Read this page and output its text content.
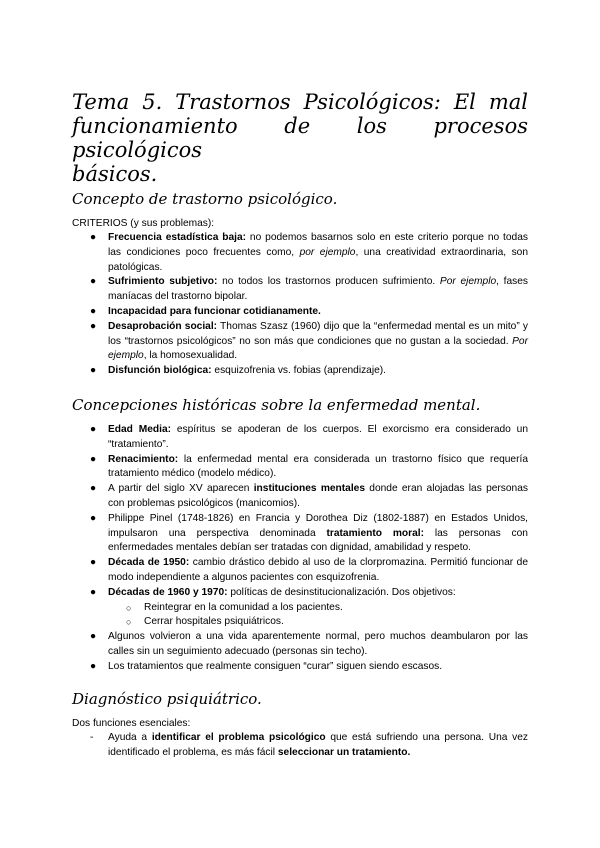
Tema 5. Trastornos Psicológicos: El mal
funcionamiento de los procesos psicológicos
básicos.
Concepto de trastorno psicológico.
CRITERIOS (y sus problemas):
● Frecuencia estadística baja: no podemos basarnos solo en este criterio porque no todas las condiciones poco frecuentes como, por ejemplo, una creatividad extraordinaria, son patológicas.
● Sufrimiento subjetivo: no todos los trastornos producen sufrimiento. Por ejemplo, fases maníacas del trastorno bipolar.
● Incapacidad para funcionar cotidianamente.
● Desaprobación social: Thomas Szasz (1960) dijo que la “enfermedad mental es un mito” y los “trastornos psicológicos” no son más que condiciones que no gustan a la sociedad. Por ejemplo, la homosexualidad.
● Disfunción biológica: esquizofrenia vs. fobias (aprendizaje).
Concepciones históricas sobre la enfermedad mental.
● Edad Media: espíritus se apoderan de los cuerpos. El exorcismo era considerado un “tratamiento”.
● Renacimiento: la enfermedad mental era considerada un trastorno físico que requería tratamiento médico (modelo médico).
● A partir del siglo XV aparecen instituciones mentales donde eran alojadas las personas con problemas psicológicos (manicomios).
● Philippe Pinel (1748-1826) en Francia y Dorothea Diz (1802-1887) en Estados Unidos, impulsaron una perspectiva denominada tratamiento moral: las personas con enfermedades mentales debían ser tratadas con dignidad, amabilidad y respeto.
● Década de 1950: cambio drástico debido al uso de la clorpromazina. Permitió funcionar de modo independiente a algunos pacientes con esquizofrenia.
● Décadas de 1960 y 1970: políticas de desinstitucionalización. Dos objetivos:
○ Reintegrar en la comunidad a los pacientes.
○ Cerrar hospitales psiquiátricos.
● Algunos volvieron a una vida aparentemente normal, pero muchos deambularon por las calles sin un seguimiento adecuado (personas sin techo).
● Los tratamientos que realmente consiguen “curar” siguen siendo escasos.
Diagnóstico psiquiátrico.
Dos funciones esenciales:
- Ayuda a identificar el problema psicológico que está sufriendo una persona. Una vez identificado el problema, es más fácil seleccionar un tratamiento.
